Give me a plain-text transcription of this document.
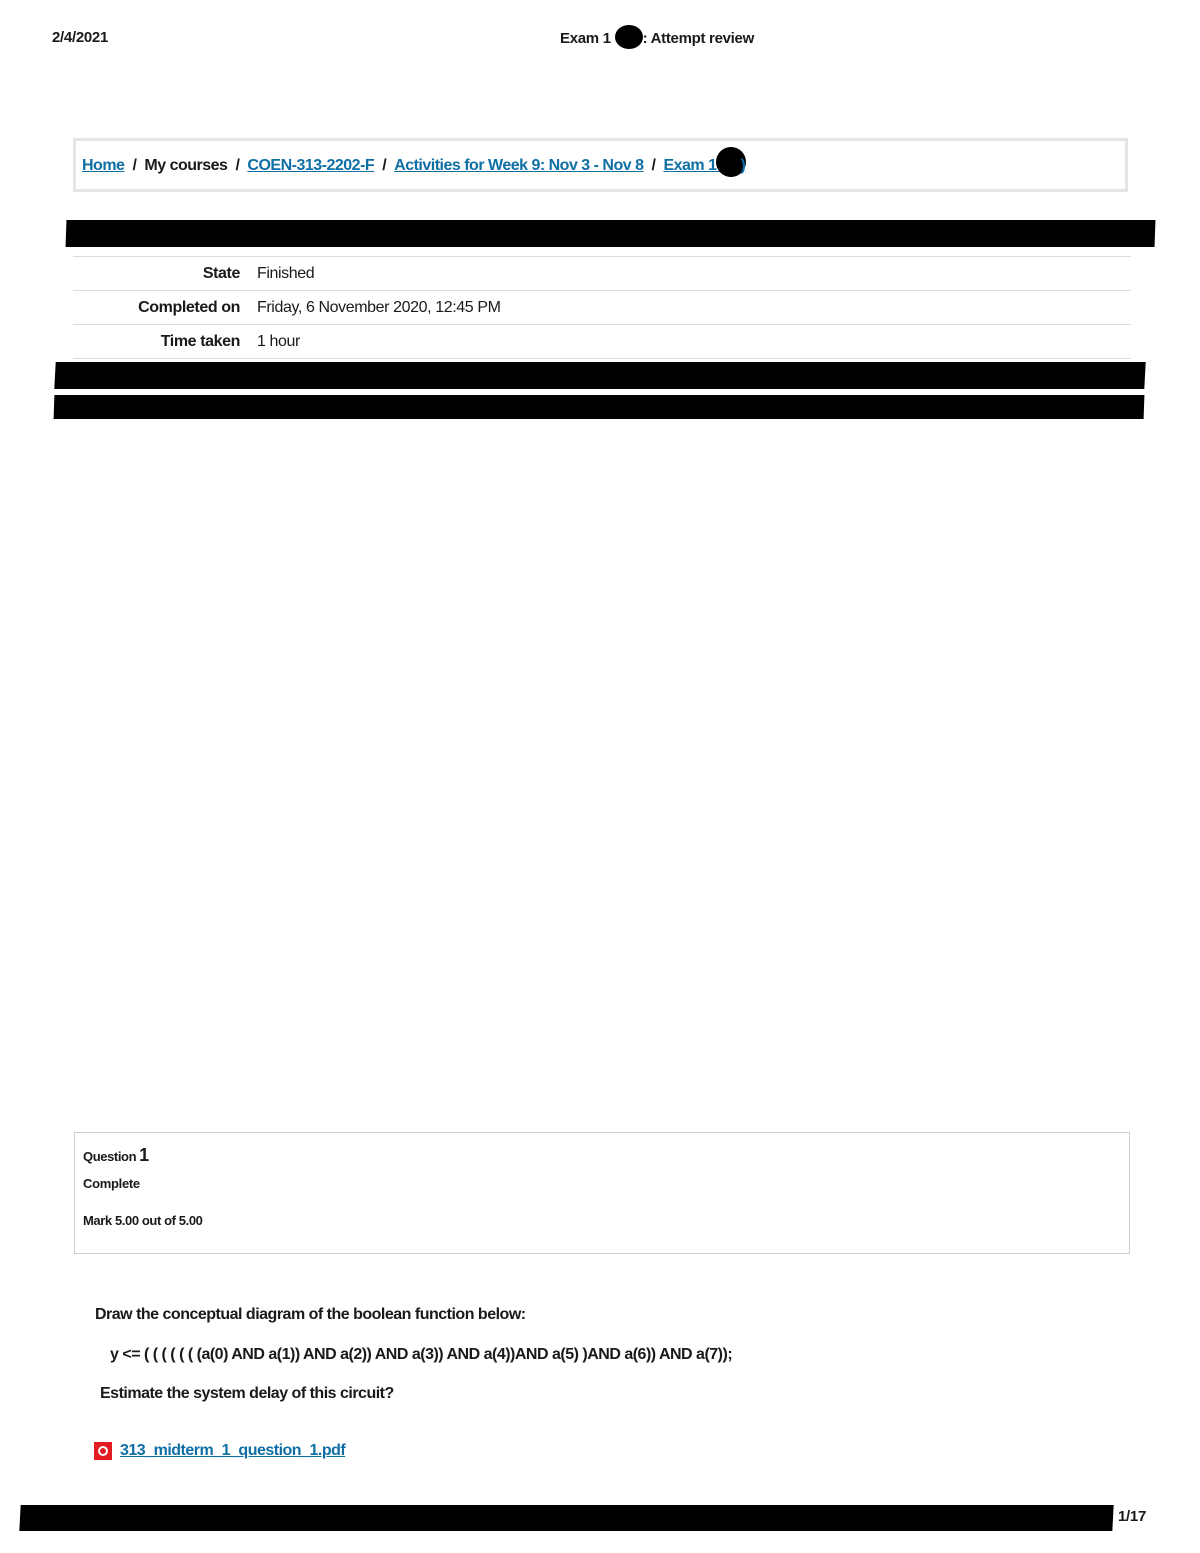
2/4/2021	Exam 1 : Attempt review
Home / My courses / COEN-313-2202-F / Activities for Week 9: Nov 3 - Nov 8 / Exam 1 )
State	Finished
Completed on	Friday, 6 November 2020, 12:45 PM
Time taken	1 hour
Question 1
Complete
Mark 5.00 out of 5.00
Draw the conceptual diagram of the boolean function below:
y <= ( ( ( ( ( ( (a(0) AND a(1)) AND a(2)) AND a(3)) AND a(4))AND a(5) )AND a(6)) AND a(7));
Estimate the system delay of this circuit?
313_midterm_1_question_1.pdf
1/17
